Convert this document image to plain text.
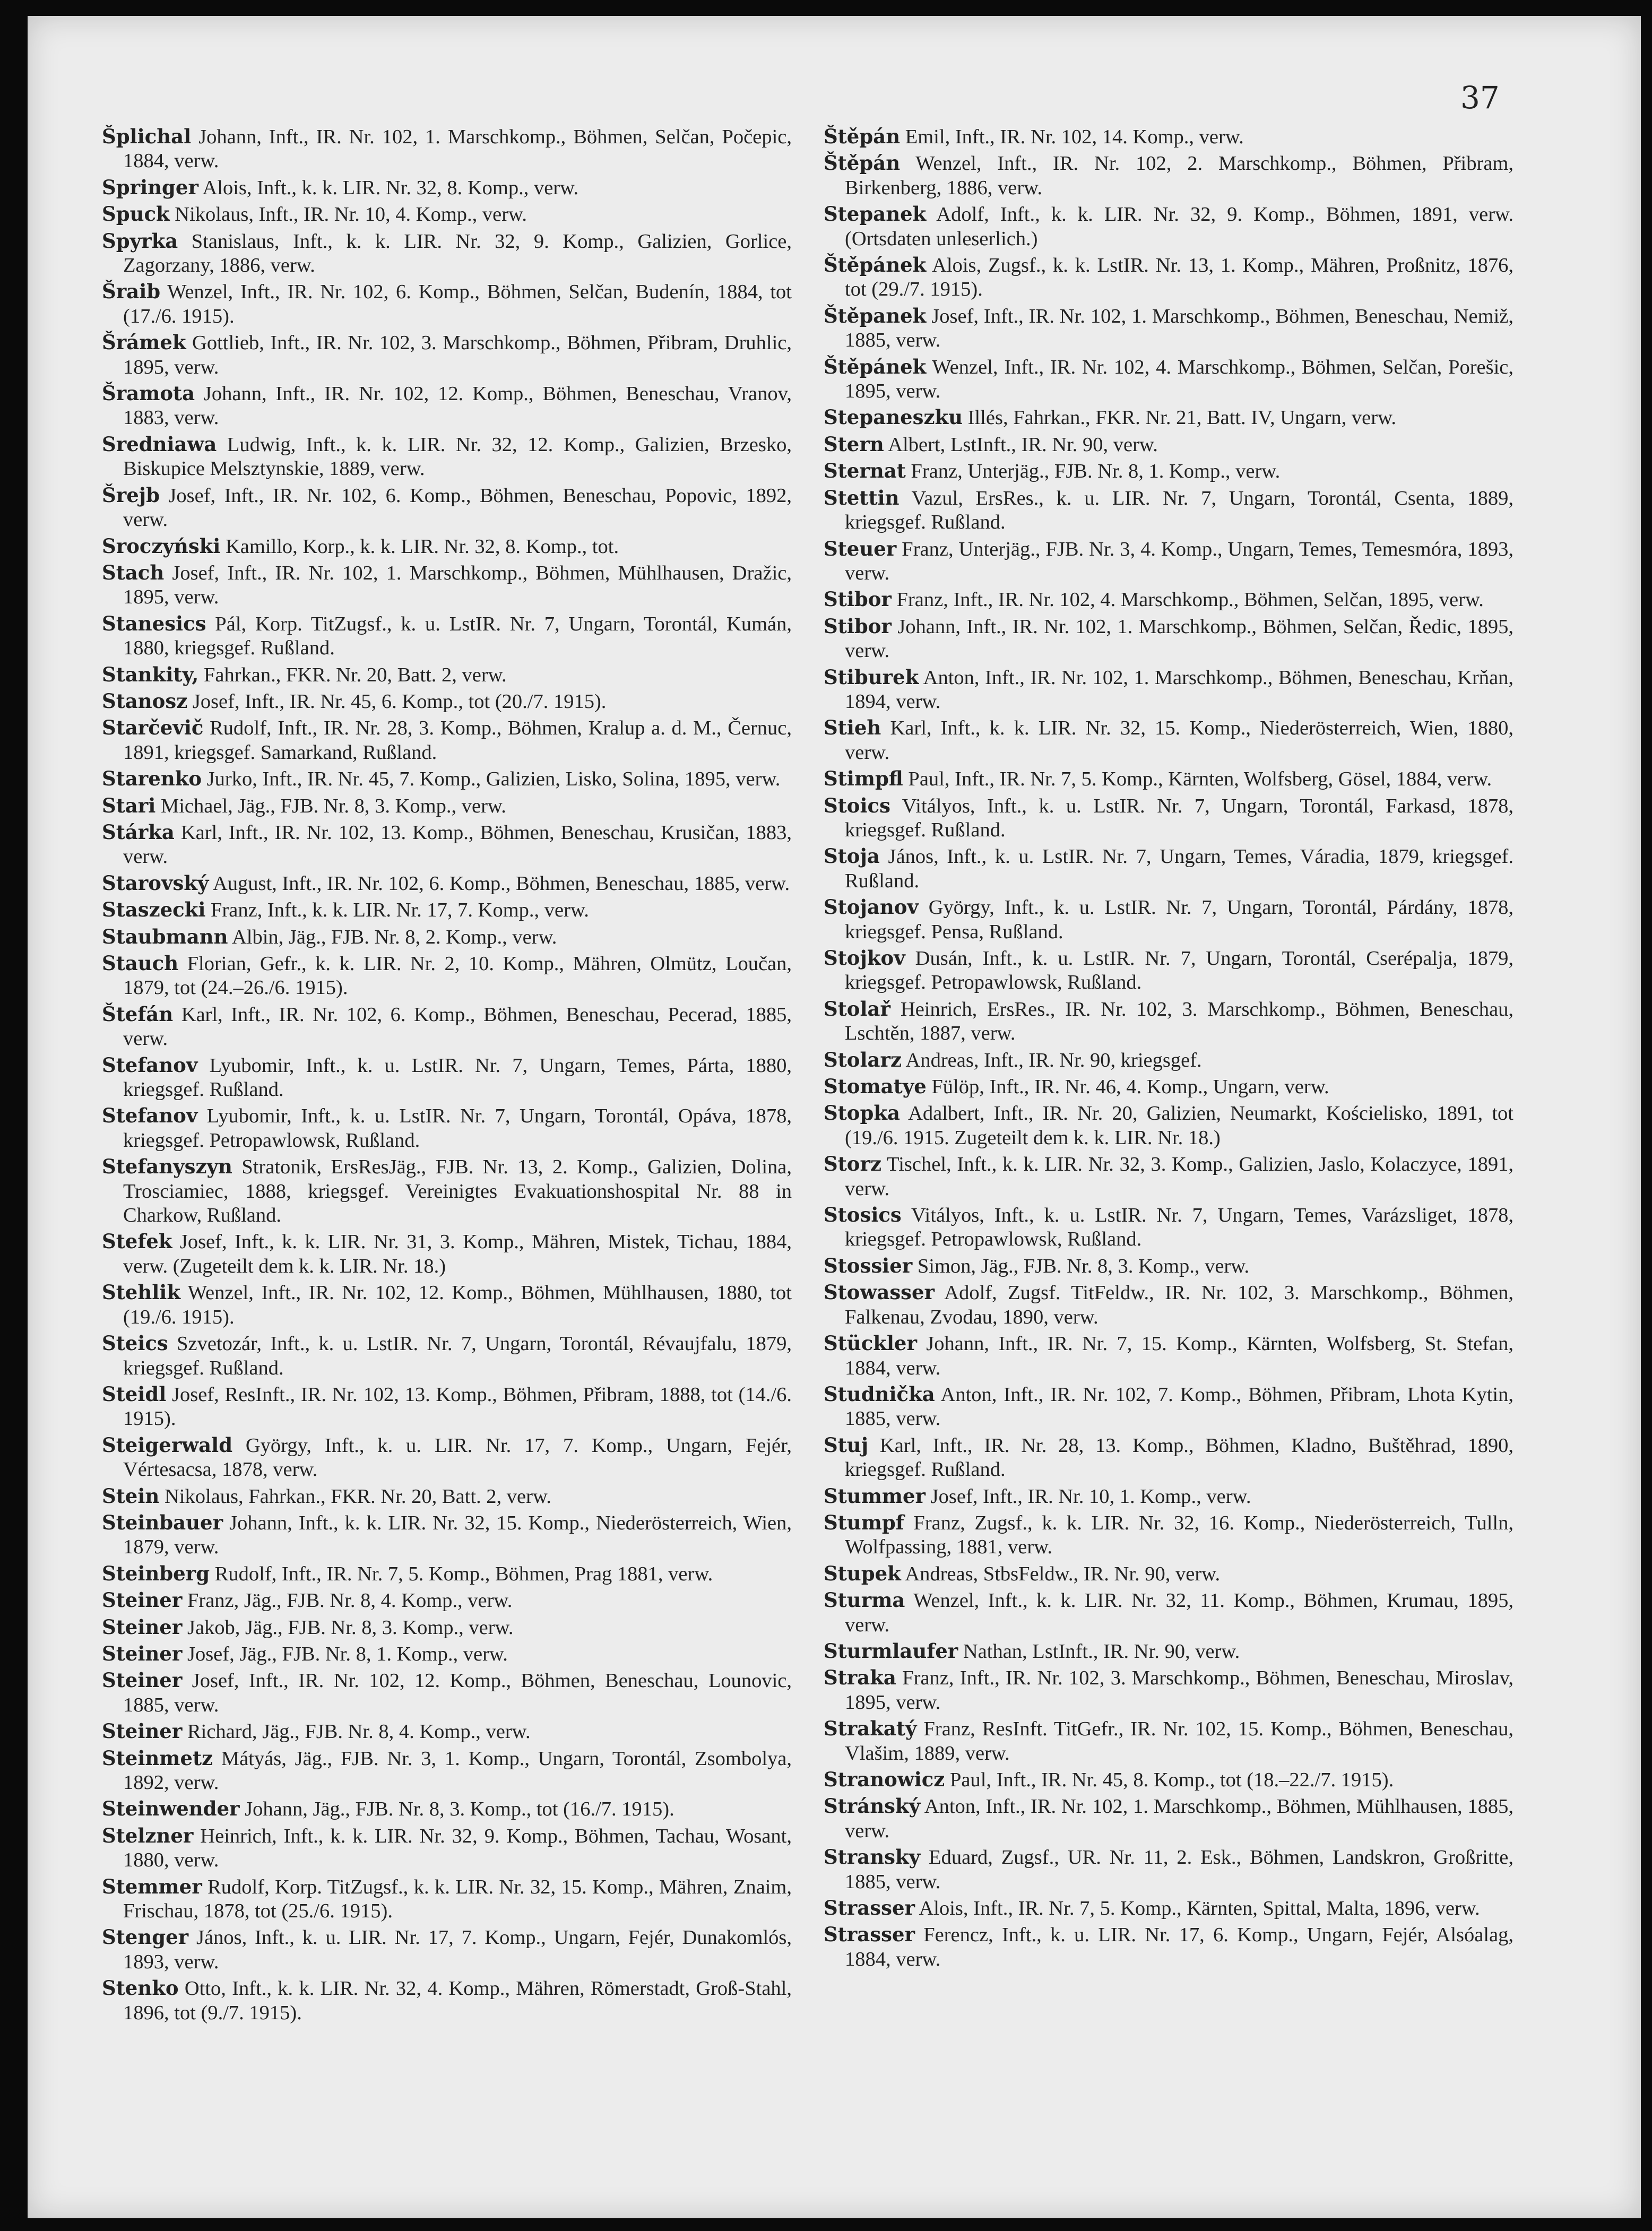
37

Šplichal Johann, Inft., IR. Nr. 102, 1. Marschkomp., Böhmen, Selčan, Počepic, 1884, verw.

Springer Alois, Inft., k. k. LIR. Nr. 32, 8. Komp., verw.

Spuck Nikolaus, Inft., IR. Nr. 10, 4. Komp., verw.

Spyrka Stanislaus, Inft., k. k. LIR. Nr. 32, 9. Komp., Galizien, Gorlice, Zagorzany, 1886, verw.

Šraib Wenzel, Inft., IR. Nr. 102, 6. Komp., Böhmen, Selčan, Budenín, 1884, tot (17./6. 1915).

Šrámek Gottlieb, Inft., IR. Nr. 102, 3. Marschkomp., Böhmen, Přibram, Druhlic, 1895, verw.

Šramota Johann, Inft., IR. Nr. 102, 12. Komp., Böhmen, Beneschau, Vranov, 1883, verw.

Sredniawa Ludwig, Inft., k. k. LIR. Nr. 32, 12. Komp., Galizien, Brzesko, Biskupice Melsztynskie, 1889, verw.

Šrejb Josef, Inft., IR. Nr. 102, 6. Komp., Böhmen, Beneschau, Popovic, 1892, verw.

Sroczyński Kamillo, Korp., k. k. LIR. Nr. 32, 8. Komp., tot.

Stach Josef, Inft., IR. Nr. 102, 1. Marschkomp., Böhmen, Mühlhausen, Dražic, 1895, verw.

Stanesics Pál, Korp. TitZugsf., k. u. LstIR. Nr. 7, Ungarn, Torontál, Kumán, 1880, kriegsgef. Rußland.

Stankity, Fahrkan., FKR. Nr. 20, Batt. 2, verw.

Stanosz Josef, Inft., IR. Nr. 45, 6. Komp., tot (20./7. 1915).

Starčevič Rudolf, Inft., IR. Nr. 28, 3. Komp., Böhmen, Kralup a. d. M., Černuc, 1891, kriegsgef. Samarkand, Rußland.

Starenko Jurko, Inft., IR. Nr. 45, 7. Komp., Galizien, Lisko, Solina, 1895, verw.

Stari Michael, Jäg., FJB. Nr. 8, 3. Komp., verw.

Stárka Karl, Inft., IR. Nr. 102, 13. Komp., Böhmen, Beneschau, Krusičan, 1883, verw.

Starovský August, Inft., IR. Nr. 102, 6. Komp., Böhmen, Beneschau, 1885, verw.

Staszecki Franz, Inft., k. k. LIR. Nr. 17, 7. Komp., verw.

Staubmann Albin, Jäg., FJB. Nr. 8, 2. Komp., verw.

Stauch Florian, Gefr., k. k. LIR. Nr. 2, 10. Komp., Mähren, Olmütz, Loučan, 1879, tot (24.–26./6. 1915).

Štefán Karl, Inft., IR. Nr. 102, 6. Komp., Böhmen, Beneschau, Pecerad, 1885, verw.

Stefanov Lyubomir, Inft., k. u. LstIR. Nr. 7, Ungarn, Temes, Párta, 1880, kriegsgef. Rußland.

Stefanov Lyubomir, Inft., k. u. LstIR. Nr. 7, Ungarn, Torontál, Opáva, 1878, kriegsgef. Petropawlowsk, Rußland.

Stefanyszyn Stratonik, ErsResJäg., FJB. Nr. 13, 2. Komp., Galizien, Dolina, Trosciamiec, 1888, kriegsgef. Vereinigtes Evakuationshospital Nr. 88 in Charkow, Rußland.

Stefek Josef, Inft., k. k. LIR. Nr. 31, 3. Komp., Mähren, Mistek, Tichau, 1884, verw. (Zugeteilt dem k. k. LIR. Nr. 18.)

Stehlik Wenzel, Inft., IR. Nr. 102, 12. Komp., Böhmen, Mühlhausen, 1880, tot (19./6. 1915).

Steics Szvetozár, Inft., k. u. LstIR. Nr. 7, Ungarn, Torontál, Révaujfalu, 1879, kriegsgef. Rußland.

Steidl Josef, ResInft., IR. Nr. 102, 13. Komp., Böhmen, Přibram, 1888, tot (14./6. 1915).

Steigerwald György, Inft., k. u. LIR. Nr. 17, 7. Komp., Ungarn, Fejér, Vértesacsa, 1878, verw.

Stein Nikolaus, Fahrkan., FKR. Nr. 20, Batt. 2, verw.

Steinbauer Johann, Inft., k. k. LIR. Nr. 32, 15. Komp., Niederösterreich, Wien, 1879, verw.

Steinberg Rudolf, Inft., IR. Nr. 7, 5. Komp., Böhmen, Prag 1881, verw.

Steiner Franz, Jäg., FJB. Nr. 8, 4. Komp., verw.

Steiner Jakob, Jäg., FJB. Nr. 8, 3. Komp., verw.

Steiner Josef, Jäg., FJB. Nr. 8, 1. Komp., verw.

Steiner Josef, Inft., IR. Nr. 102, 12. Komp., Böhmen, Beneschau, Lounovic, 1885, verw.

Steiner Richard, Jäg., FJB. Nr. 8, 4. Komp., verw.

Steinmetz Mátyás, Jäg., FJB. Nr. 3, 1. Komp., Ungarn, Torontál, Zsombolya, 1892, verw.

Steinwender Johann, Jäg., FJB. Nr. 8, 3. Komp., tot (16./7. 1915).

Stelzner Heinrich, Inft., k. k. LIR. Nr. 32, 9. Komp., Böhmen, Tachau, Wosant, 1880, verw.

Stemmer Rudolf, Korp. TitZugsf., k. k. LIR. Nr. 32, 15. Komp., Mähren, Znaim, Frischau, 1878, tot (25./6. 1915).

Stenger János, Inft., k. u. LIR. Nr. 17, 7. Komp., Ungarn, Fejér, Dunakomlós, 1893, verw.

Stenko Otto, Inft., k. k. LIR. Nr. 32, 4. Komp., Mähren, Römerstadt, Groß-Stahl, 1896, tot (9./7. 1915).

Štěpán Emil, Inft., IR. Nr. 102, 14. Komp., verw.

Štěpán Wenzel, Inft., IR. Nr. 102, 2. Marschkomp., Böhmen, Přibram, Birkenberg, 1886, verw.

Stepanek Adolf, Inft., k. k. LIR. Nr. 32, 9. Komp., Böhmen, 1891, verw. (Ortsdaten unleserlich.)

Štěpánek Alois, Zugsf., k. k. LstIR. Nr. 13, 1. Komp., Mähren, Proßnitz, 1876, tot (29./7. 1915).

Štěpanek Josef, Inft., IR. Nr. 102, 1. Marschkomp., Böhmen, Beneschau, Nemiž, 1885, verw.

Štěpánek Wenzel, Inft., IR. Nr. 102, 4. Marschkomp., Böhmen, Selčan, Porešic, 1895, verw.

Stepaneszku Illés, Fahrkan., FKR. Nr. 21, Batt. IV, Ungarn, verw.

Stern Albert, LstInft., IR. Nr. 90, verw.

Sternat Franz, Unterjäg., FJB. Nr. 8, 1. Komp., verw.

Stettin Vazul, ErsRes., k. u. LIR. Nr. 7, Ungarn, Torontál, Csenta, 1889, kriegsgef. Rußland.

Steuer Franz, Unterjäg., FJB. Nr. 3, 4. Komp., Ungarn, Temes, Temesmóra, 1893, verw.

Stibor Franz, Inft., IR. Nr. 102, 4. Marschkomp., Böhmen, Selčan, 1895, verw.

Stibor Johann, Inft., IR. Nr. 102, 1. Marschkomp., Böhmen, Selčan, Ředic, 1895, verw.

Stiburek Anton, Inft., IR. Nr. 102, 1. Marschkomp., Böhmen, Beneschau, Krňan, 1894, verw.

Stieh Karl, Inft., k. k. LIR. Nr. 32, 15. Komp., Niederösterreich, Wien, 1880, verw.

Stimpfl Paul, Inft., IR. Nr. 7, 5. Komp., Kärnten, Wolfsberg, Gösel, 1884, verw.

Stoics Vitályos, Inft., k. u. LstIR. Nr. 7, Ungarn, Torontál, Farkasd, 1878, kriegsgef. Rußland.

Stoja János, Inft., k. u. LstIR. Nr. 7, Ungarn, Temes, Váradia, 1879, kriegsgef. Rußland.

Stojanov György, Inft., k. u. LstIR. Nr. 7, Ungarn, Torontál, Párdány, 1878, kriegsgef. Pensa, Rußland.

Stojkov Dusán, Inft., k. u. LstIR. Nr. 7, Ungarn, Torontál, Cserépalja, 1879, kriegsgef. Petropawlowsk, Rußland.

Stolař Heinrich, ErsRes., IR. Nr. 102, 3. Marschkomp., Böhmen, Beneschau, Lschtěn, 1887, verw.

Stolarz Andreas, Inft., IR. Nr. 90, kriegsgef.

Stomatye Fülöp, Inft., IR. Nr. 46, 4. Komp., Ungarn, verw.

Stopka Adalbert, Inft., IR. Nr. 20, Galizien, Neumarkt, Kościelisko, 1891, tot (19./6. 1915. Zugeteilt dem k. k. LIR. Nr. 18.)

Storz Tischel, Inft., k. k. LIR. Nr. 32, 3. Komp., Galizien, Jaslo, Kolaczyce, 1891, verw.

Stosics Vitályos, Inft., k. u. LstIR. Nr. 7, Ungarn, Temes, Varázsliget, 1878, kriegsgef. Petropawlowsk, Rußland.

Stossier Simon, Jäg., FJB. Nr. 8, 3. Komp., verw.

Stowasser Adolf, Zugsf. TitFeldw., IR. Nr. 102, 3. Marschkomp., Böhmen, Falkenau, Zvodau, 1890, verw.

Stückler Johann, Inft., IR. Nr. 7, 15. Komp., Kärnten, Wolfsberg, St. Stefan, 1884, verw.

Studnička Anton, Inft., IR. Nr. 102, 7. Komp., Böhmen, Přibram, Lhota Kytin, 1885, verw.

Stuj Karl, Inft., IR. Nr. 28, 13. Komp., Böhmen, Kladno, Buštěhrad, 1890, kriegsgef. Rußland.

Stummer Josef, Inft., IR. Nr. 10, 1. Komp., verw.

Stumpf Franz, Zugsf., k. k. LIR. Nr. 32, 16. Komp., Niederösterreich, Tulln, Wolfpassing, 1881, verw.

Stupek Andreas, StbsFeldw., IR. Nr. 90, verw.

Sturma Wenzel, Inft., k. k. LIR. Nr. 32, 11. Komp., Böhmen, Krumau, 1895, verw.

Sturmlaufer Nathan, LstInft., IR. Nr. 90, verw.

Straka Franz, Inft., IR. Nr. 102, 3. Marschkomp., Böhmen, Beneschau, Miroslav, 1895, verw.

Strakatý Franz, ResInft. TitGefr., IR. Nr. 102, 15. Komp., Böhmen, Beneschau, Vlašim, 1889, verw.

Stranowicz Paul, Inft., IR. Nr. 45, 8. Komp., tot (18.–22./7. 1915).

Stránský Anton, Inft., IR. Nr. 102, 1. Marschkomp., Böhmen, Mühlhausen, 1885, verw.

Stransky Eduard, Zugsf., UR. Nr. 11, 2. Esk., Böhmen, Landskron, Großritte, 1885, verw.

Strasser Alois, Inft., IR. Nr. 7, 5. Komp., Kärnten, Spittal, Malta, 1896, verw.

Strasser Ferencz, Inft., k. u. LIR. Nr. 17, 6. Komp., Ungarn, Fejér, Alsóalag, 1884, verw.
